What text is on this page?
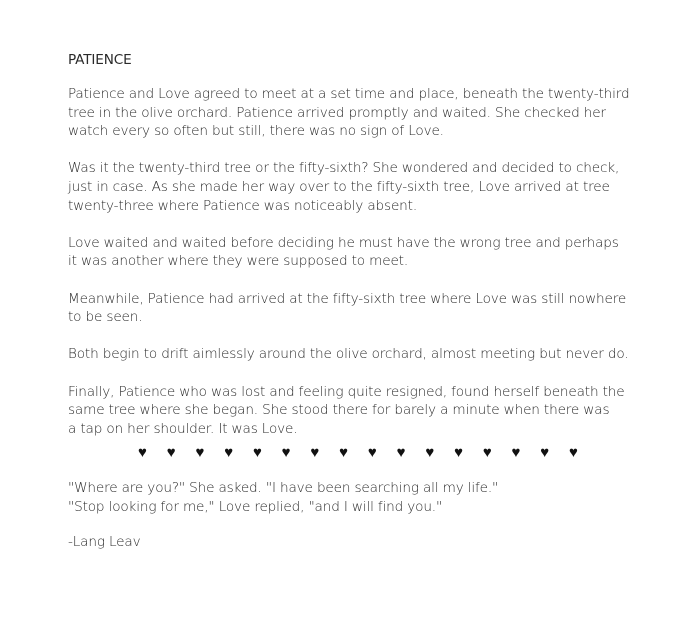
PATIENCE
Patience and Love agreed to meet at a set time and place, beneath the twenty-third
tree in the olive orchard. Patience arrived promptly and waited. She checked her
watch every so often but still, there was no sign of Love.
Was it the twenty-third tree or the fifty-sixth? She wondered and decided to check,
just in case. As she made her way over to the fifty-sixth tree, Love arrived at tree
twenty-three where Patience was noticeably absent.
Love waited and waited before deciding he must have the wrong tree and perhaps
it was another where they were supposed to meet.
Meanwhile, Patience had arrived at the fifty-sixth tree where Love was still nowhere
to be seen.
Both begin to drift aimlessly around the olive orchard, almost meeting but never do.
Finally, Patience who was lost and feeling quite resigned, found herself beneath the
same tree where she began. She stood there for barely a minute when there was
a tap on her shoulder. It was Love.
♥ ♥ ♥ ♥ ♥ ♥ ♥ ♥ ♥ ♥ ♥ ♥ ♥ ♥ ♥ ♥
"Where are you?" She asked. "I have been searching all my life."
"Stop looking for me," Love replied, "and I will find you."
-Lang Leav
